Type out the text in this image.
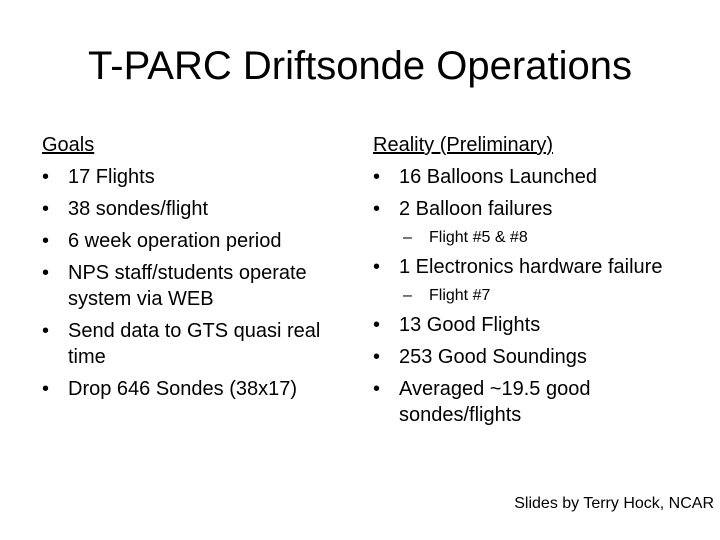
T-PARC Driftsonde Operations
Goals
• 17 Flights
• 38 sondes/flight
• 6 week operation period
• NPS staff/students operate system via WEB
• Send data to GTS quasi real time
• Drop 646 Sondes (38x17)
Reality (Preliminary)
• 16 Balloons Launched
• 2 Balloon failures
– Flight #5 & #8
• 1 Electronics hardware failure
– Flight #7
• 13 Good Flights
• 253 Good Soundings
• Averaged ~19.5 good sondes/flights
Slides by Terry Hock, NCAR
